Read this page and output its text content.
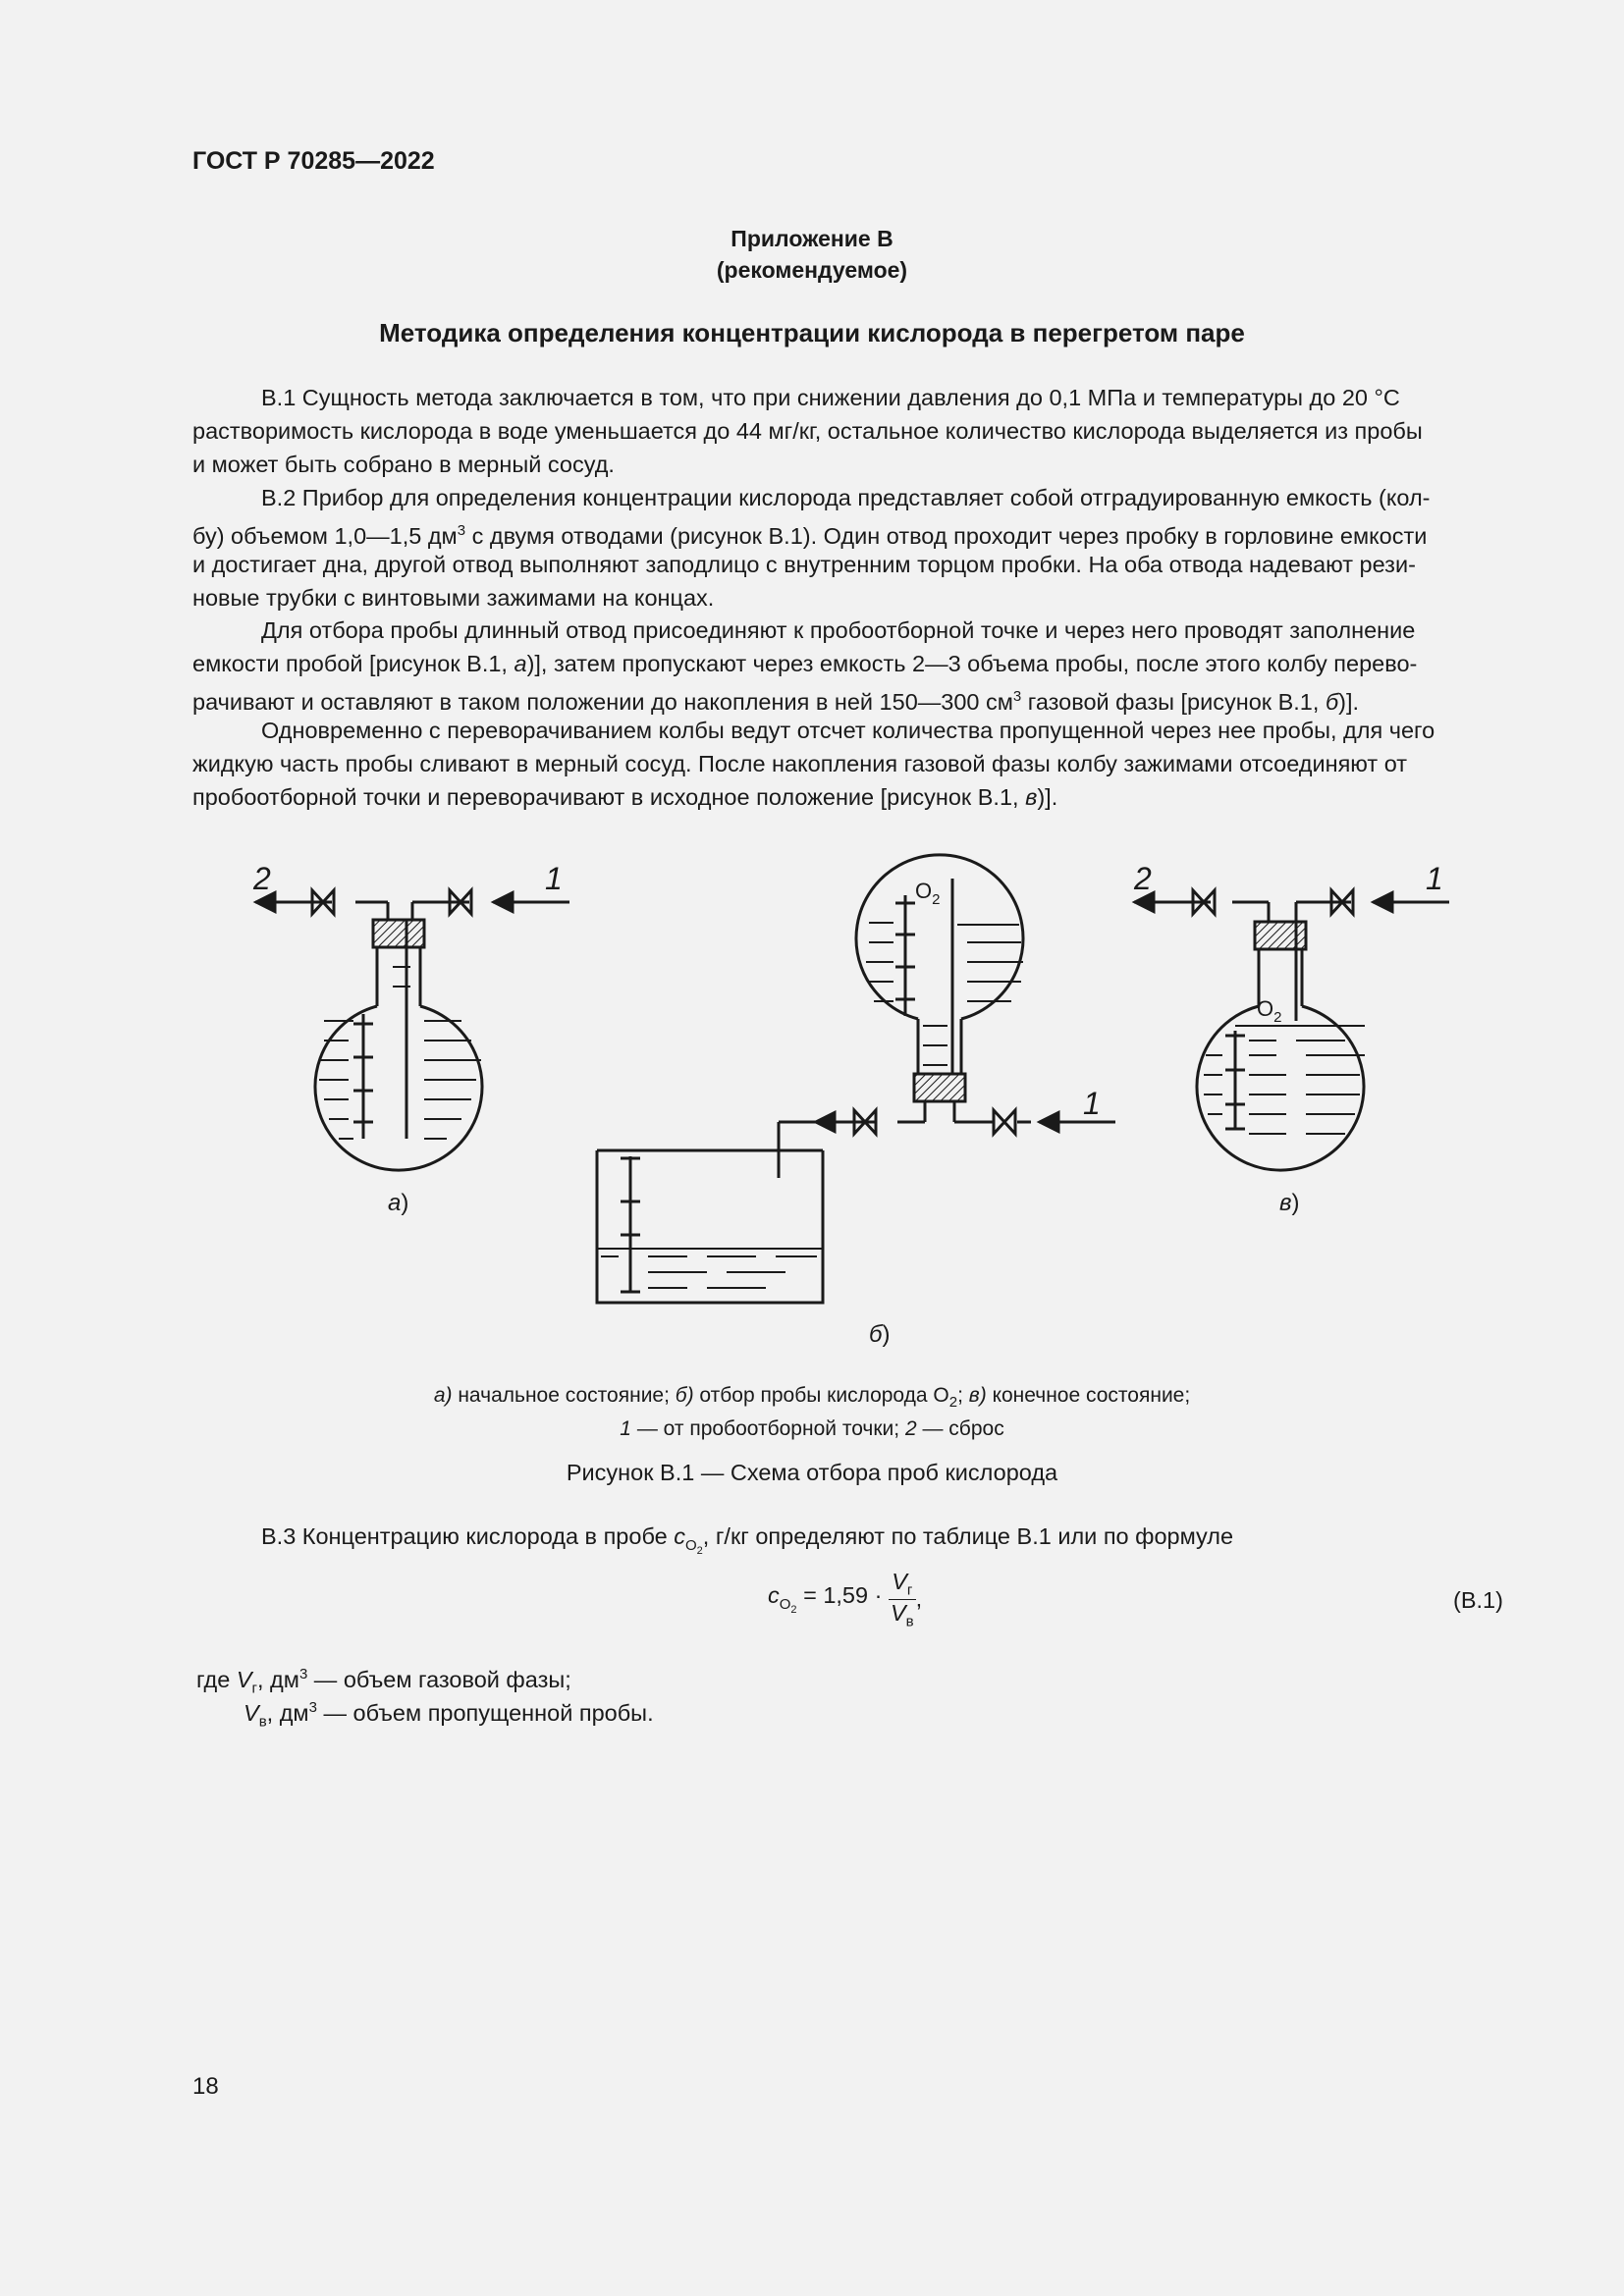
ГОСТ Р 70285—2022
Приложение В
(рекомендуемое)
Методика определения концентрации кислорода в перегретом паре

В.1 Сущность метода заключается в том, что при снижении давления до 0,1 МПа и температуры до 20 °С

растворимость кислорода в воде уменьшается до 44 мг/кг, остальное количество кислорода выделяется из пробы

и может быть собрано в мерный сосуд.

В.2 Прибор для определения концентрации кислорода представляет собой отградуированную емкость (кол-

бу) объемом 1,0—1,5 $дм^3$ с двумя отводами (рисунок В.1). Один отвод проходит через пробку в горловине емкости

и достигает дна, другой отвод выполняют заподлицо с внутренним торцом пробки. На оба отвода надевают рези-

новые трубки с винтовыми зажимами на концах.

Для отбора пробы длинный отвод присоединяют к пробоотборной точке и через него проводят заполнение

емкости пробой [рисунок В.1, а)], затем пропускают через емкость 2—3 объема пробы, после этого колбу перево-

рачивают и оставляют в таком положении до накопления в ней 150—300 $см^3$ газовой фазы [рисунок В.1, б)].

Одновременно с переворачиванием колбы ведут отсчет количества пропущенной через нее пробы, для чего

жидкую часть пробы сливают в мерный сосуд. После накопления газовой фазы колбу зажимами отсоединяют от

пробоотборной точки и переворачивают в исходное положение [рисунок В.1, в)].

2	1
1
2	1
$O_2$
$O_2$
а)
б)
в)
а) начальное состояние; б) отбор пробы кислорода $O_2$; в) конечное состояние;
1 — от пробоотборной точки; 2 — сброс
Рисунок В.1 — Схема отбора проб кислорода

В.3 Концентрацию кислорода в пробе $c_{O_2}$, г/кг определяют по таблице В.1 или по формуле

$c_{O_2} = 1,59$ ·
$V_г$
$V_в$
,	(В.1)
где $V_г$, $дм^3$ — объем газовой фазы;
$V_в$, $дм^3$ — объем пропущенной пробы.
18
